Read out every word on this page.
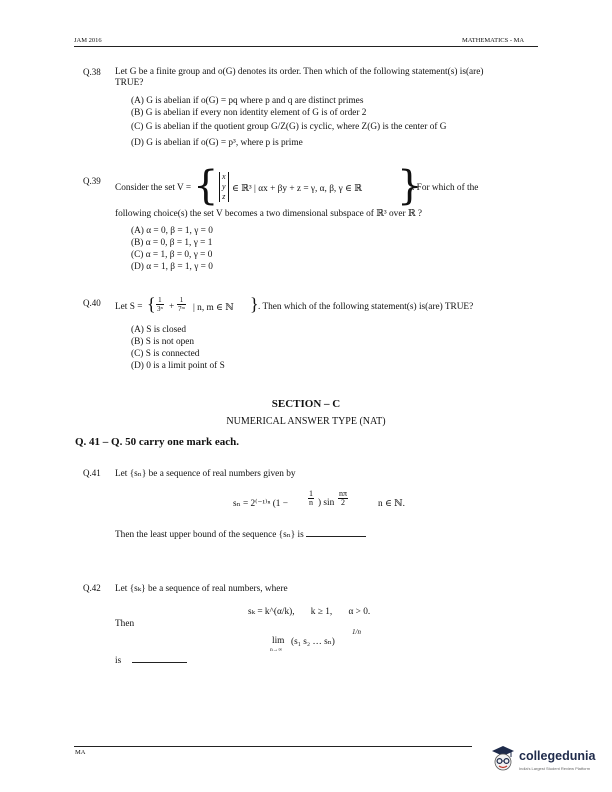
JAM 2016	MATHEMATICS - MA
Q.38 Let G be a finite group and o(G) denotes its order. Then which of the following statement(s) is(are)
TRUE?
(A) G is abelian if o(G) = pq where p and q are distinct primes
(B) G is abelian if every non identity element of G is of order 2
(C) G is abelian if the quotient group G/Z(G) is cyclic, where Z(G) is the center of G
(D) G is abelian if o(G) = p³, where p is prime
Q.39
Consider the set V = { x
y
z
∈ ℝ³ | αx + βy + z = γ, α, β, γ ∈ ℝ }
. For which of the
following choice(s) the set V becomes a two dimensional subspace of ℝ³ over ℝ ?
(A) α = 0, β = 1, γ = 0
(B) α = 0, β = 1, γ = 1
(C) α = 1, β = 0, γ = 0
(D) α = 1, β = 1, γ = 0
Q.40 Let S = { $\frac{1}{\text{3ⁿ}} + \frac{1}{\text{7ᵐ}}$ | n, m ∈ ℕ } . Then which of the following statement(s) is(are) TRUE?
(A) S is closed
(B) S is not open
(C) S is connected
(D) 0 is a limit point of S
SECTION – C
NUMERICAL ANSWER TYPE (NAT)
Q. 41 – Q. 50 carry one mark each.
Q.41 Let {sₙ} be a sequence of real numbers given by
sₙ = 2⁽⁻¹⁾ⁿ ($1 - \frac{1}{n}$ ) $\sin \frac{n\pi}{2}$	n ∈ ℕ.
Then the least upper bound of the sequence {sₙ} is
Q.42 Let {sₖ} be a sequence of real numbers, where
sₖ = k^(α/k),       k ≥ 1,       α > 0.
Then
lim
n→∞
(s₁ s₂ … sₙ)
1/n
is
MA	collegedunia
India's Largest Student Review Platform
